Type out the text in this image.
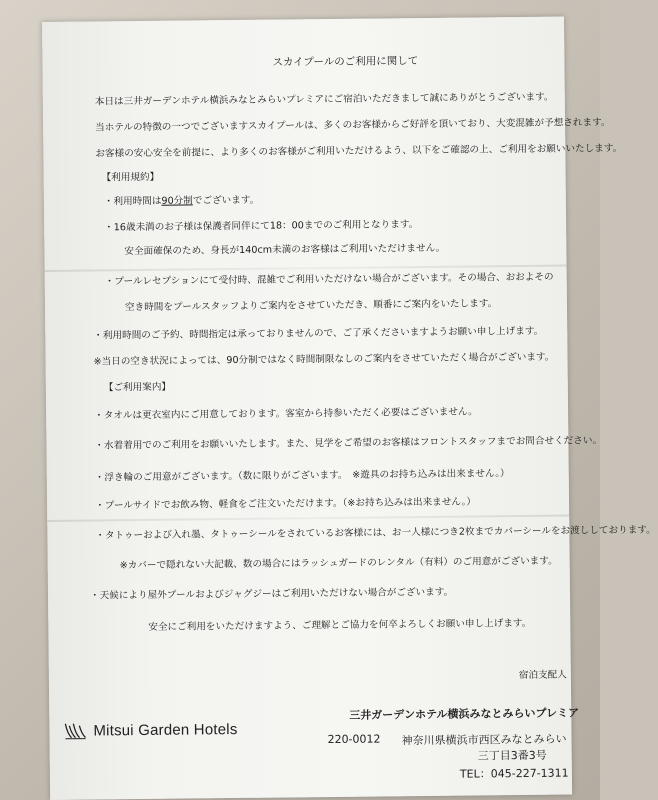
スカイプールのご利用に関して
本日は三井ガーデンホテル横浜みなとみらいプレミアにご宿泊いただきまして誠にありがとうございます。
当ホテルの特徴の一つでございますスカイプールは、多くのお客様からご好評を頂いており、大変混雑が予想されます。
お客様の安心安全を前提に、より多くのお客様がご利用いただけるよう、以下をご確認の上、ご利用をお願いいたします。
【利用規約】
・利用時間は90分制でございます。
・16歳未満のお子様は保護者同伴にて18：00までのご利用となります。
安全面確保のため、身長が140cm未満のお客様はご利用いただけません。
・プールレセプションにて受付時、混雑でご利用いただけない場合がございます。その場合、おおよその
空き時間をプールスタッフよりご案内をさせていただき、順番にご案内をいたします。
・利用時間のご予約、時間指定は承っておりませんので、ご了承くださいますようお願い申し上げます。
※当日の空き状況によっては、90分制ではなく時間制限なしのご案内をさせていただく場合がございます。
【ご利用案内】
・タオルは更衣室内にご用意しております。客室から持参いただく必要はございません。
・水着着用でのご利用をお願いいたします。また、見学をご希望のお客様はフロントスタッフまでお問合せください。
・浮き輪のご用意がございます。（数に限りがございます。　※遊具のお持ち込みは出来ません。）
・プールサイドでお飲み物、軽食をご注文いただけます。（※お持ち込みは出来ません。）
・タトゥーおよび入れ墨、タトゥーシールをされているお客様には、お一人様につき2枚までカバーシールをお渡ししております。
※カバーで隠れない大記載、数の場合にはラッシュガードのレンタル（有料）のご用意がございます。
・天候により屋外プールおよびジャグジーはご利用いただけない場合がございます。
安全にご利用をいただけますよう、ご理解とご協力を何卒よろしくお願い申し上げます。
宿泊支配人
Mitsui Garden Hotels
三井ガーデンホテル横浜みなとみらいプレミア
220-0012 神奈川県横浜市西区みなとみらい
三丁目3番3号
TEL：045-227-1311
